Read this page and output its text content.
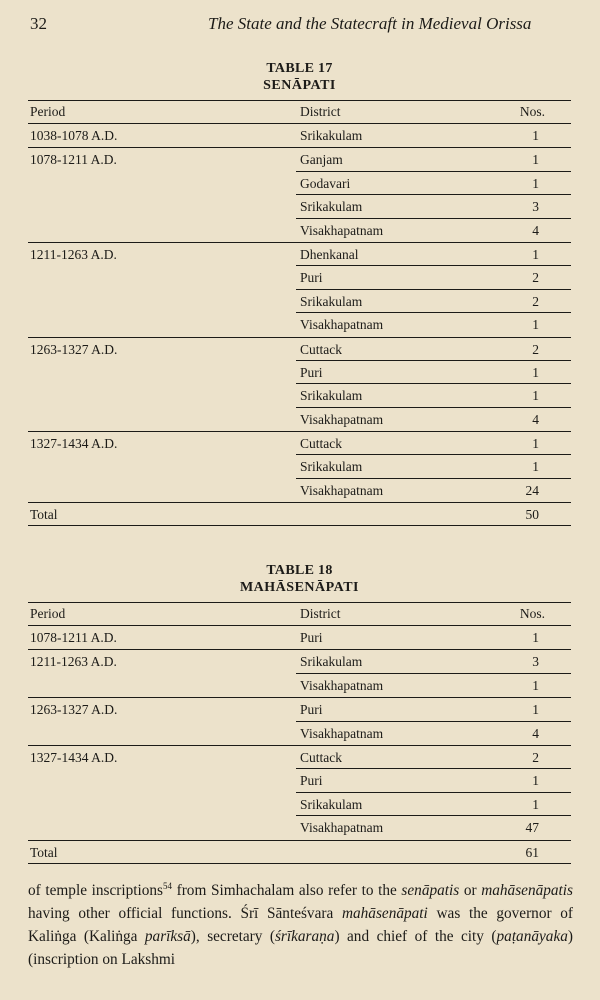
32	The State and the Statecraft in Medieval Orissa
TABLE 17
SENĀPATI
Period	District	Nos.
1038-1078 A.D.	Srikakulam	1
1078-1211 A.D.	Ganjam	1
Godavari	1
Srikakulam	3
Visakhapatnam	4
1211-1263 A.D.	Dhenkanal	1
Puri	2
Srikakulam	2
Visakhapatnam	1
1263-1327 A.D.	Cuttack	2
Puri	1
Srikakulam	1
Visakhapatnam	4
1327-1434 A.D.	Cuttack	1
Srikakulam	1
Visakhapatnam	24
Total	50
TABLE 18
MAHĀSENĀPATI
Period	District	Nos.
1078-1211 A.D.	Puri	1
1211-1263 A.D.	Srikakulam	3
Visakhapatnam	1
1263-1327 A.D.	Puri	1
Visakhapatnam	4
1327-1434 A.D.	Cuttack	2
Puri	1
Srikakulam	1
Visakhapatnam	47
Total	61
of temple inscriptions$^{54}$ from Simhachalam also refer to the senāpatis or mahāsenāpatis having other official functions. Śrī Sānteśvara mahāsenāpati was the governor of Kaliṅga (Kaliṅga parīksā), secretary (śrīkaraṇa) and chief of the city (paṭanāyaka) (inscription on Lakshmi
